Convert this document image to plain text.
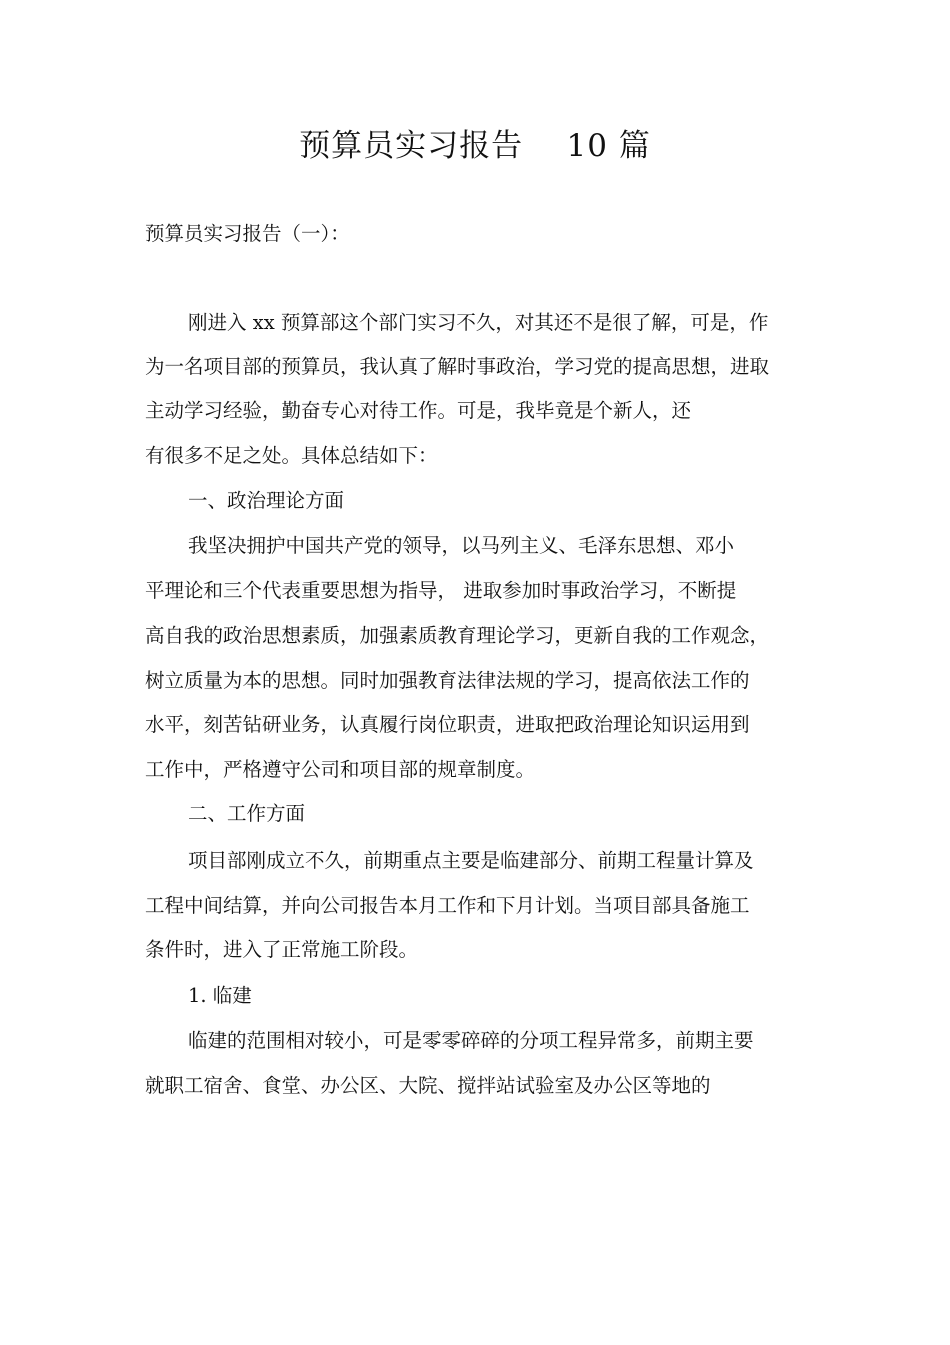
预算员实习报告    10 篇

预算员实习报告（一）：

刚进入 xx 预算部这个部门实习不久，对其还不是很了解，可是，作

为一名项目部的预算员，我认真了解时事政治，学习党的提高思想，进取

主动学习经验，勤奋专心对待工作。可是，我毕竟是个新人，还

有很多不足之处。具体总结如下：

一、政治理论方面

我坚决拥护中国共产党的领导，以马列主义、毛泽东思想、邓小

平理论和三个代表重要思想为指导， 进取参加时事政治学习，不断提

高自我的政治思想素质，加强素质教育理论学习，更新自我的工作观念，

树立质量为本的思想。同时加强教育法律法规的学习，提高依法工作的

水平，刻苦钻研业务，认真履行岗位职责，进取把政治理论知识运用到

工作中，严格遵守公司和项目部的规章制度。

二、工作方面

项目部刚成立不久，前期重点主要是临建部分、前期工程量计算及

工程中间结算，并向公司报告本月工作和下月计划。当项目部具备施工

条件时，进入了正常施工阶段。

1. 临建

临建的范围相对较小，可是零零碎碎的分项工程异常多，前期主要

就职工宿舍、食堂、办公区、大院、搅拌站试验室及办公区等地的
